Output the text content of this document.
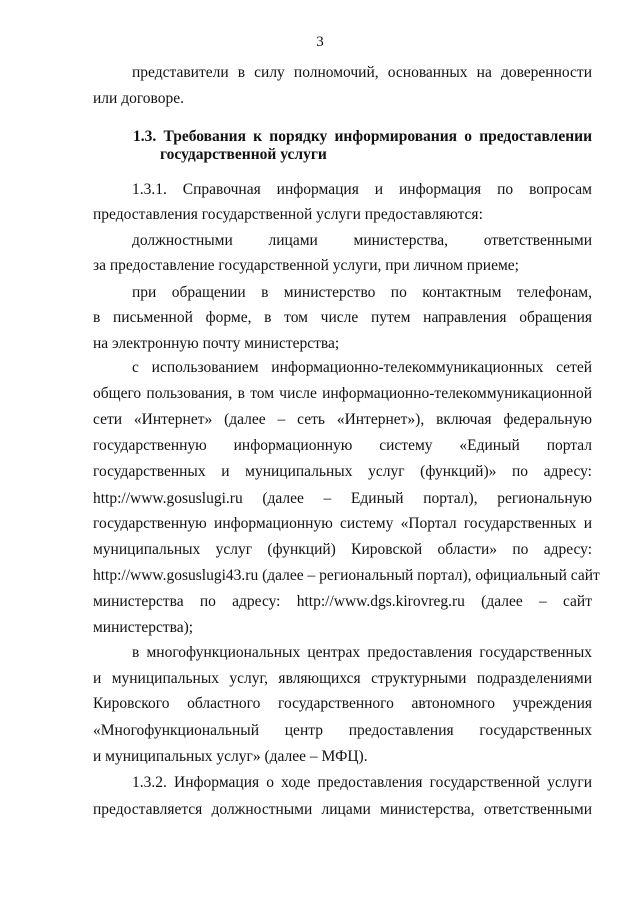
3
представители в силу полномочий, основанных на доверенности
или договоре.
1.3. Требования к порядку информирования о предоставлении
государственной услуги
1.3.1. Справочная информация и информация по вопросам
предоставления государственной услуги предоставляются:
должностными лицами министерства, ответственными
за предоставление государственной услуги, при личном приеме;
при обращении в министерство по контактным телефонам,
в письменной форме, в том числе путем направления обращения
на электронную почту министерства;
с использованием информационно-телекоммуникационных сетей
общего пользования, в том числе информационно-телекоммуникационной
сети «Интернет» (далее – сеть «Интернет»), включая федеральную
государственную информационную систему «Единый портал
государственных и муниципальных услуг (функций)» по адресу:
http://www.gosuslugi.ru (далее – Единый портал), региональную
государственную информационную систему «Портал государственных и
муниципальных услуг (функций) Кировской области» по адресу:
http://www.gosuslugi43.ru (далее – региональный портал), официальный сайт
министерства по адресу: http://www.dgs.kirovreg.ru (далее – сайт
министерства);
в многофункциональных центрах предоставления государственных
и муниципальных услуг, являющихся структурными подразделениями
Кировского областного государственного автономного учреждения
«Многофункциональный центр предоставления государственных
и муниципальных услуг» (далее – МФЦ).
1.3.2. Информация о ходе предоставления государственной услуги
предоставляется должностными лицами министерства, ответственными
